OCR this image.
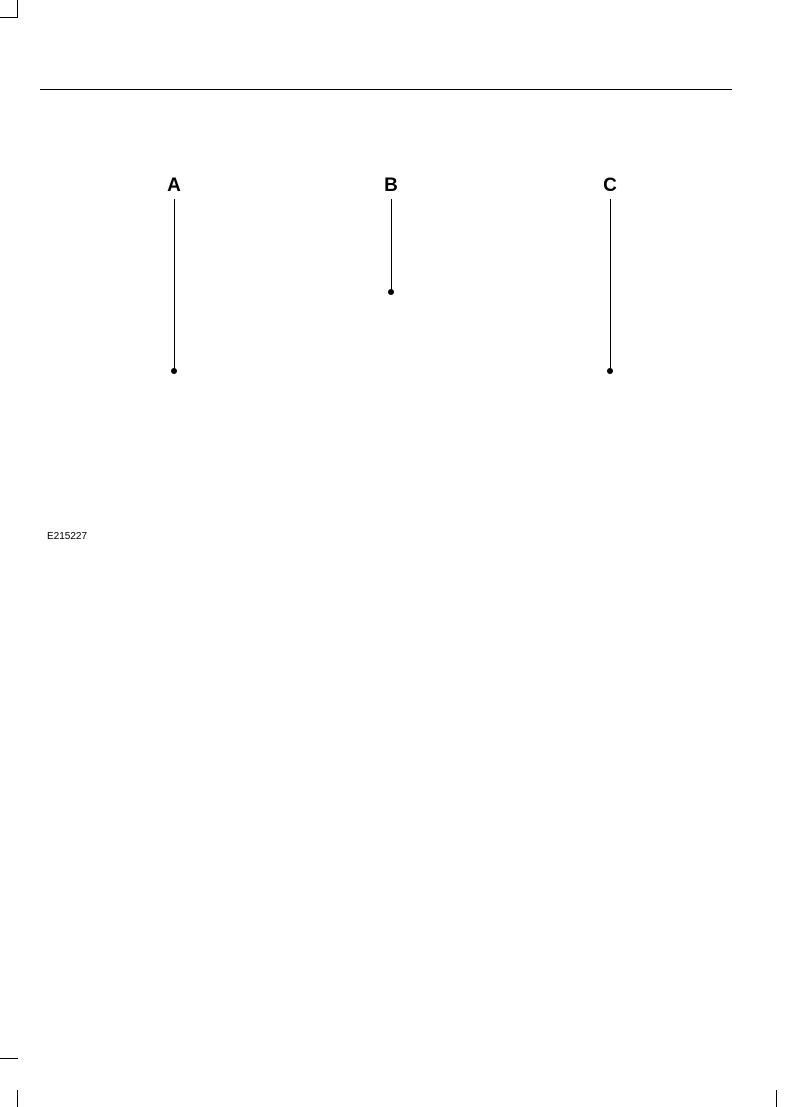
A	B	C
E215227
